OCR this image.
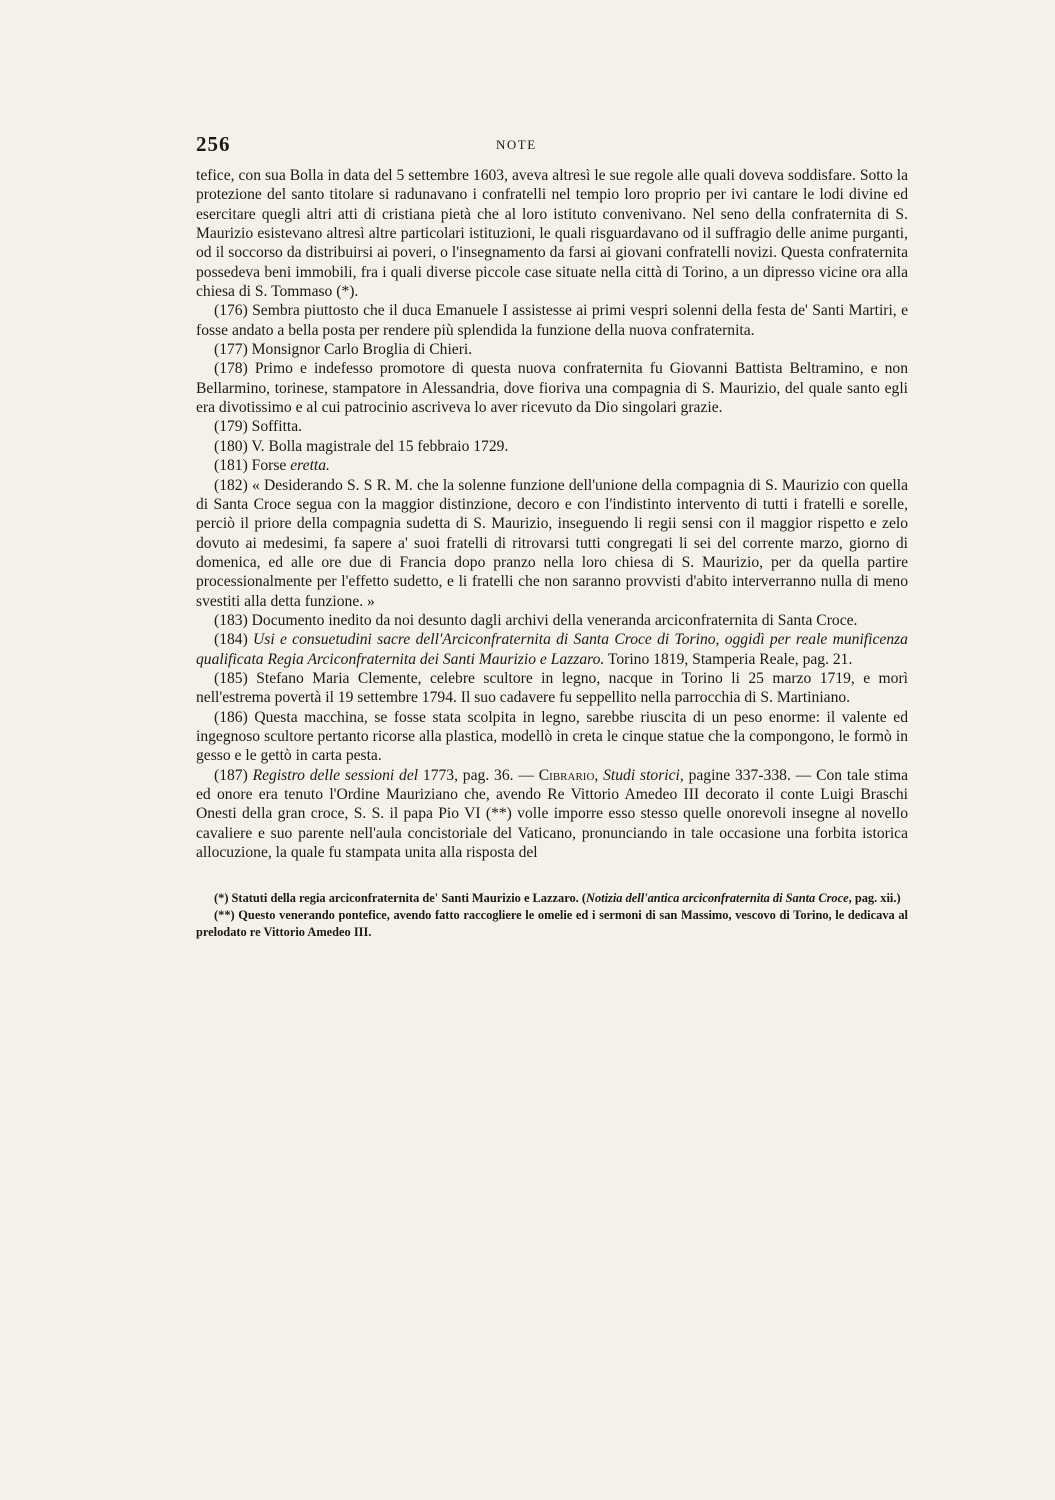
256	NOTE

tefice, con sua Bolla in data del 5 settembre 1603, aveva altresì le sue regole alle quali doveva soddisfare. Sotto la protezione del santo titolare si radunavano i confratelli nel tempio loro proprio per ivi cantare le lodi divine ed esercitare quegli altri atti di cristiana pietà che al loro istituto convenivano. Nel seno della confraternita di S. Maurizio esistevano altresì altre particolari istituzioni, le quali risguardavano od il suffragio delle anime purganti, od il soccorso da distribuirsi ai poveri, o l'insegnamento da farsi ai giovani confratelli novizi. Questa confraternita possedeva beni immobili, fra i quali diverse piccole case situate nella città di Torino, a un dipresso vicine ora alla chiesa di S. Tommaso (*).

(176) Sembra piuttosto che il duca Emanuele I assistesse ai primi vespri solenni della festa de' Santi Martiri, e fosse andato a bella posta per rendere più splendida la funzione della nuova confraternita.

(177) Monsignor Carlo Broglia di Chieri.

(178) Primo e indefesso promotore di questa nuova confraternita fu Giovanni Battista Beltramino, e non Bellarmino, torinese, stampatore in Alessandria, dove fioriva una compagnia di S. Maurizio, del quale santo egli era divotissimo e al cui patrocinio ascriveva lo aver ricevuto da Dio singolari grazie.

(179) Soffitta.

(180) V. Bolla magistrale del 15 febbraio 1729.

(181) Forse eretta.

(182) « Desiderando S. S R. M. che la solenne funzione dell'unione della compagnia di S. Maurizio con quella di Santa Croce segua con la maggior distinzione, decoro e con l'indistinto intervento di tutti i fratelli e sorelle, perciò il priore della compagnia sudetta di S. Maurizio, inseguendo li regii sensi con il maggior rispetto e zelo dovuto ai medesimi, fa sapere a' suoi fratelli di ritrovarsi tutti congregati li sei del corrente marzo, giorno di domenica, ed alle ore due di Francia dopo pranzo nella loro chiesa di S. Maurizio, per da quella partire processionalmente per l'effetto sudetto, e li fratelli che non saranno provvisti d'abito interverranno nulla di meno svestiti alla detta funzione. »

(183) Documento inedito da noi desunto dagli archivi della veneranda arciconfraternita di Santa Croce.

(184) Usi e consuetudini sacre dell'Arciconfraternita di Santa Croce di Torino, oggidì per reale munificenza qualificata Regia Arciconfraternita dei Santi Maurizio e Lazzaro. Torino 1819, Stamperia Reale, pag. 21.

(185) Stefano Maria Clemente, celebre scultore in legno, nacque in Torino li 25 marzo 1719, e morì nell'estrema povertà il 19 settembre 1794. Il suo cadavere fu seppellito nella parrocchia di S. Martiniano.

(186) Questa macchina, se fosse stata scolpita in legno, sarebbe riuscita di un peso enorme: il valente ed ingegnoso scultore pertanto ricorse alla plastica, modellò in creta le cinque statue che la compongono, le formò in gesso e le gettò in carta pesta.

(187) Registro delle sessioni del 1773, pag. 36. — Cibrario, Studi storici, pagine 337-338. — Con tale stima ed onore era tenuto l'Ordine Mauriziano che, avendo Re Vittorio Amedeo III decorato il conte Luigi Braschi Onesti della gran croce, S. S. il papa Pio VI (**) volle imporre esso stesso quelle onorevoli insegne al novello cavaliere e suo parente nell'aula concistoriale del Vaticano, pronunciando in tale occasione una forbita istorica allocuzione, la quale fu stampata unita alla risposta del

(*) Statuti della regia arciconfraternita de' Santi Maurizio e Lazzaro. (Notizia dell'antica arciconfraternita di Santa Croce, pag. xii.)

(**) Questo venerando pontefice, avendo fatto raccogliere le omelie ed i sermoni di san Massimo, vescovo di Torino, le dedicava al prelodato re Vittorio Amedeo III.
